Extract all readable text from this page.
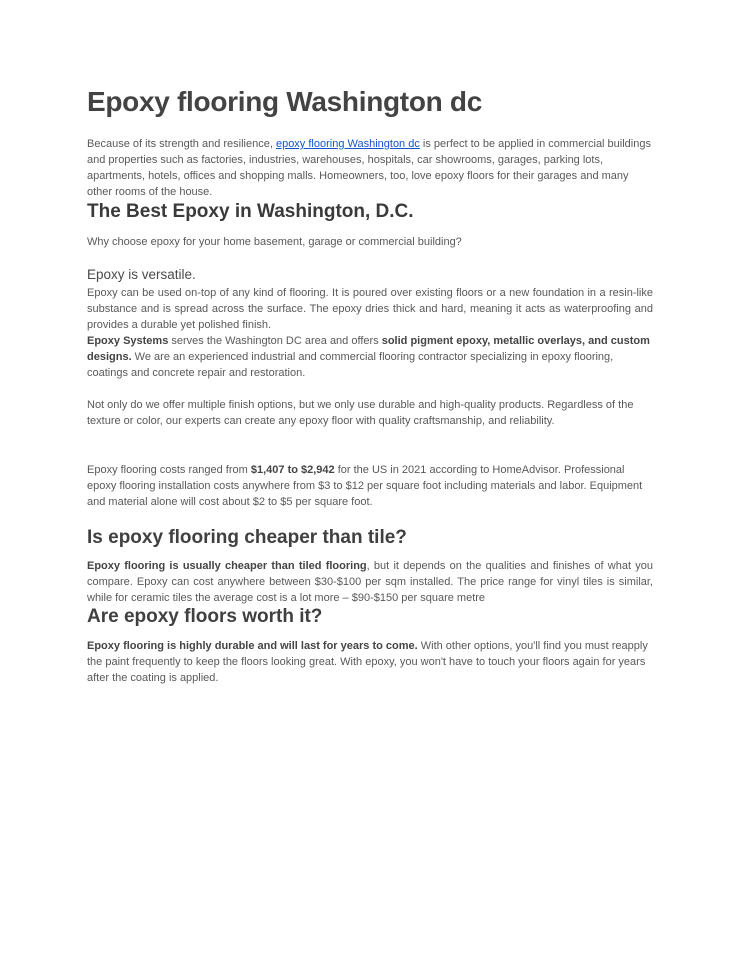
Epoxy flooring Washington dc

Because of its strength and resilience, epoxy flooring Washington dc is perfect to be applied in commercial buildings and properties such as factories, industries, warehouses, hospitals, car showrooms, garages, parking lots, apartments, hotels, offices and shopping malls. Homeowners, too, love epoxy floors for their garages and many other rooms of the house.

The Best Epoxy in Washington, D.C.

Why choose epoxy for your home basement, garage or commercial building?

Epoxy is versatile.

Epoxy can be used on-top of any kind of flooring. It is poured over existing floors or a new foundation in a resin-like substance and is spread across the surface. The epoxy dries thick and hard, meaning it acts as waterproofing and provides a durable yet polished finish.

Epoxy Systems serves the Washington DC area and offers solid pigment epoxy, metallic overlays, and custom designs. We are an experienced industrial and commercial flooring contractor specializing in epoxy flooring, coatings and concrete repair and restoration.

Not only do we offer multiple finish options, but we only use durable and high-quality products. Regardless of the texture or color, our experts can create any epoxy floor with quality craftsmanship, and reliability.

Epoxy flooring costs ranged from $1,407 to $2,942 for the US in 2021 according to HomeAdvisor. Professional epoxy flooring installation costs anywhere from $3 to $12 per square foot including materials and labor. Equipment and material alone will cost about $2 to $5 per square foot.

Is epoxy flooring cheaper than tile?

Epoxy flooring is usually cheaper than tiled flooring, but it depends on the qualities and finishes of what you compare. Epoxy can cost anywhere between $30-$100 per sqm installed. The price range for vinyl tiles is similar, while for ceramic tiles the average cost is a lot more – $90-$150 per square metre

Are epoxy floors worth it?

Epoxy flooring is highly durable and will last for years to come. With other options, you'll find you must reapply the paint frequently to keep the floors looking great. With epoxy, you won't have to touch your floors again for years after the coating is applied.
